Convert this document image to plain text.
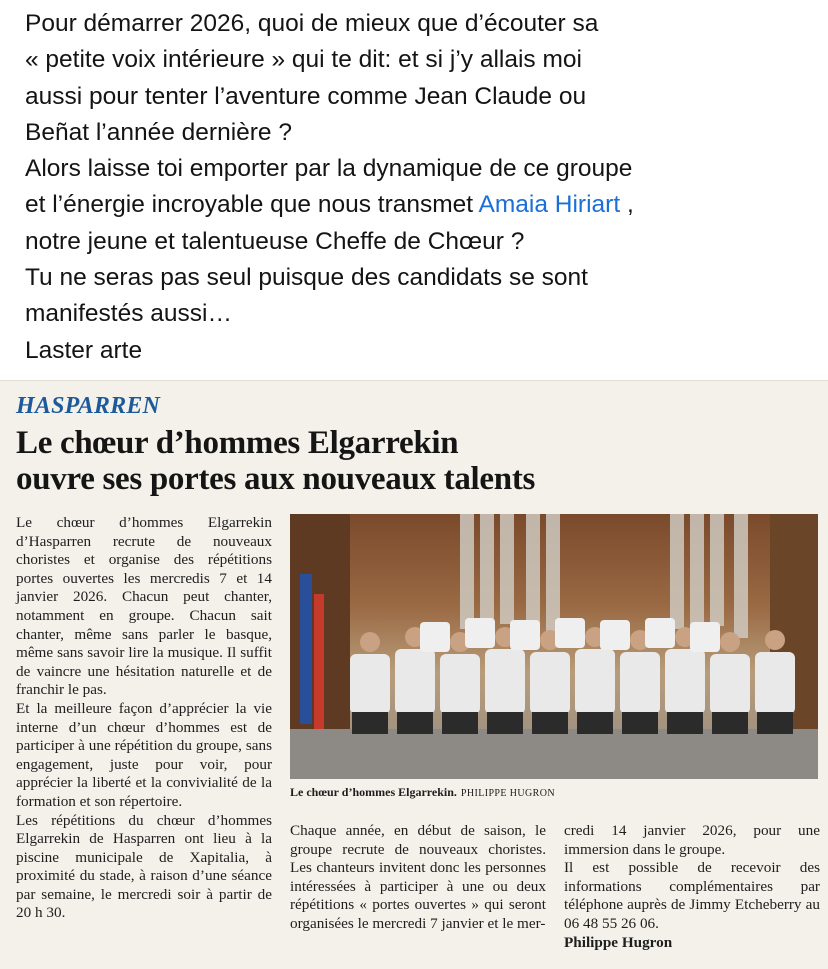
Pour démarrer 2026, quoi de mieux que d’écouter sa

« petite voix intérieure » qui te dit: et si j’y allais moi

aussi pour tenter l’aventure comme Jean Claude ou

Beñat l’année dernière ?

Alors laisse toi emporter par la dynamique de ce groupe

et l’énergie incroyable que nous transmet Amaia Hiriart ,

notre jeune et talentueuse Cheffe de Chœur ?

Tu ne seras pas seul puisque des candidats se sont

manifestés aussi…

Laster arte

HASPARREN
Le chœur d’hommes Elgarrekin
ouvre ses portes aux nouveaux talents

Le chœur d’hommes Elgarrekin d’Hasparren recrute de nouveaux choristes et organise des répétitions portes ouvertes les mercredis 7 et 14 janvier 2026. Chacun peut chanter, notamment en groupe. Chacun sait chanter, même sans parler le basque, même sans savoir lire la musique. Il suffit de vaincre une hésitation naturelle et de franchir le pas.

Et la meilleure façon d’apprécier la vie interne d’un chœur d’hommes est de participer à une répétition du groupe, sans engagement, juste pour voir, pour apprécier la liberté et la convivialité de la formation et son répertoire.

Les répétitions du chœur d’hommes Elgarrekin de Hasparren ont lieu à la piscine municipale de Xapitalia, à proximité du stade, à raison d’une séance par semaine, le mercredi soir à partir de 20 h 30.

Le chœur d’hommes Elgarrekin. PHILIPPE HUGRON

Chaque année, en début de saison, le groupe recrute de nouveaux choristes. Les chanteurs invitent donc les personnes intéressées à participer à une ou deux répétitions « portes ouvertes » qui seront organisées le mercredi 7 janvier et le mer-

credi 14 janvier 2026, pour une immersion dans le groupe.

Il est possible de recevoir des informations complémentaires par téléphone auprès de Jimmy Etcheberry au 06 48 55 26 06.

Philippe Hugron
